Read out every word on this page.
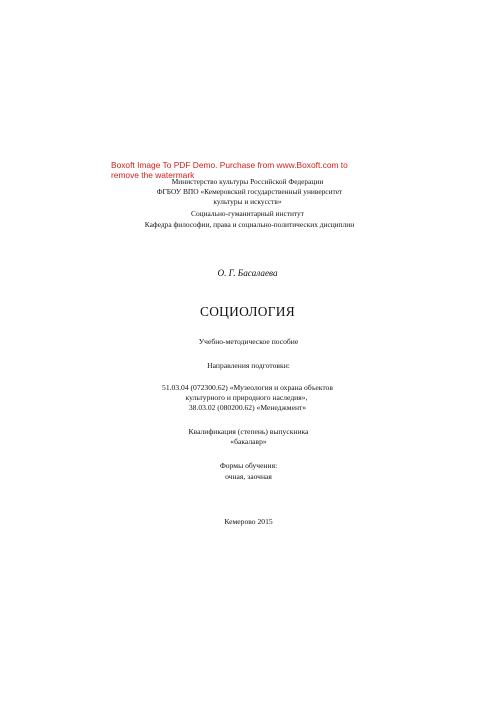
Boxoft Image To PDF Demo. Purchase from www.Boxoft.com to
remove the watermark
Министерство культуры Российской Федерации
ФГБОУ ВПО «Кемеровский государственный университет
культуры и искусств»
Социально-гуманитарный институт
Кафедра философии, права и социально-политических дисциплин
О. Г. Басалаева
СОЦИОЛОГИЯ
Учебно-методическое пособие
Направления подготовки:
51.03.04 (072300.62) «Музеология и охрана объектов
культурного и природного наследия»,
38.03.02 (080200.62) «Менеджмент»
Квалификация (степень) выпускника
«бакалавр»
Формы обучения:
очная, заочная
Кемерово 2015
